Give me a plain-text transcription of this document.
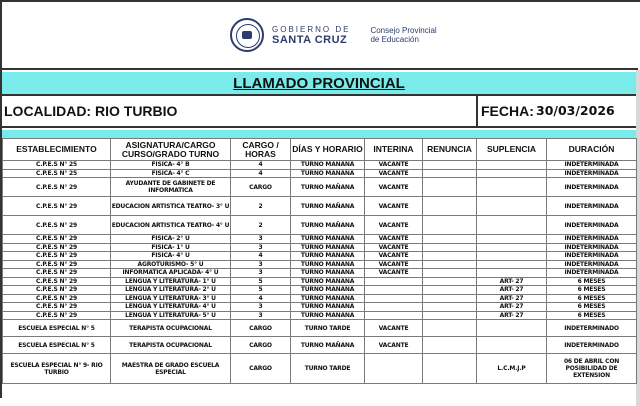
GOBIERNO DE
SANTA CRUZ
Consejo Provincial
de Educación
LLAMADO PROVINCIAL
LOCALIDAD: RIO TURBIO	FECHA: 30/03/2026
ESTABLECIMIENTO	ASIGNATURA/CARGO CURSO/GRADO TURNO	CARGO / HORAS	DÍAS Y HORARIO	INTERINA	RENUNCIA	SUPLENCIA	DURACIÓN
C.P.E.S N° 25	FISICA- 4° B	4	TURNO MAÑANA	VACANTE			INDETERMINADA
C.P.E.S N° 25	FISICA- 4° C	4	TURNO MAÑANA	VACANTE			INDETERMINADA
C.P.E.S N° 29	AYUDANTE DE GABINETE DE INFORMATICA	CARGO	TURNO MAÑANA	VACANTE			INDETERMINADA
C.P.E.S N° 29	EDUCACION ARTISTICA TEATRO- 3° U	2	TURNO MAÑANA	VACANTE			INDETERMINADA
C.P.E.S N° 29	EDUCACION ARTISTICA TEATRO- 4° U	2	TURNO MAÑANA	VACANTE			INDETERMINADA
C.P.E.S N° 29	FISICA- 2° U	3	TURNO MAÑANA	VACANTE			INDETERMINADA
C.P.E.S N° 29	FISICA- 1° U	3	TURNO MAÑANA	VACANTE			INDETERMINADA
C.P.E.S N° 29	FISICA- 4° U	4	TURNO MAÑANA	VACANTE			INDETERMINADA
C.P.E.S N° 29	AGROTURISMO- 5° U	3	TURNO MAÑANA	VACANTE			INDETERMINADA
C.P.E.S N° 29	INFORMATICA APLICADA- 4° U	3	TURNO MAÑANA	VACANTE			INDETERMINADA
C.P.E.S N° 29	LENGUA Y LITERATURA- 1° U	5	TURNO MAÑANA			ART- 27	6 MESES
C.P.E.S N° 29	LENGUA Y LITERATURA- 2° U	5	TURNO MAÑANA			ART- 27	6 MESES
C.P.E.S N° 29	LENGUA Y LITERATURA- 3° U	4	TURNO MAÑANA			ART- 27	6 MESES
C.P.E.S N° 29	LENGUA Y LITERATURA- 4° U	3	TURNO MAÑANA			ART- 27	6 MESES
C.P.E.S N° 29	LENGUA Y LITERATURA- 5° U	3	TURNO MAÑANA			ART- 27	6 MESES
ESCUELA ESPECIAL N° 5	TERAPISTA OCUPACIONAL	CARGO	TURNO TARDE	VACANTE			INDETERMINADO
ESCUELA ESPECIAL N° 5	TERAPISTA OCUPACIONAL	CARGO	TURNO MAÑANA	VACANTE			INDETERMINADO
ESCUELA ESPECIAL N° 9- RIO TURBIO	MAESTRA DE GRADO ESCUELA ESPECIAL	CARGO	TURNO TARDE			L.C.M.J.P	06 DE ABRIL CON POSIBILIDAD DE EXTENSION
